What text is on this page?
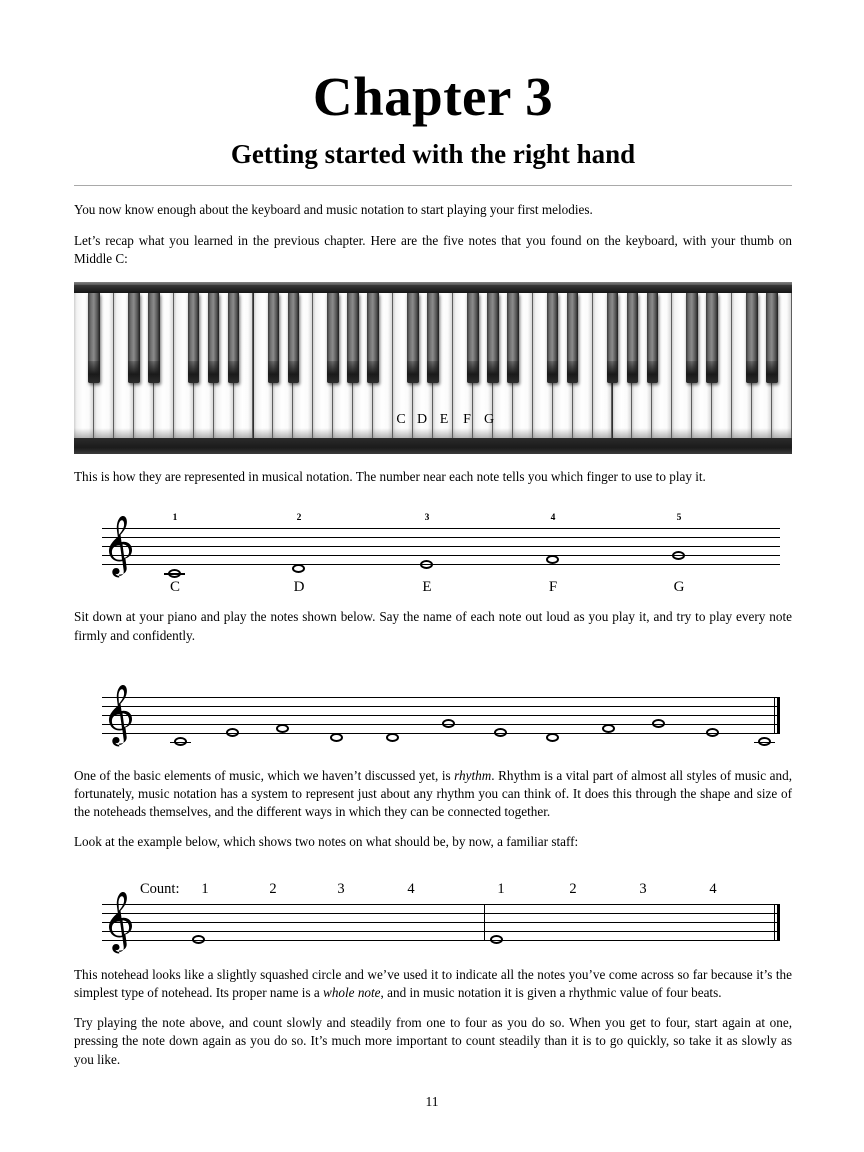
Chapter 3
Getting started with the right hand

You now know enough about the keyboard and music notation to start playing your first melodies.

Let’s recap what you learned in the previous chapter. Here are the five notes that you found on the keyboard, with your thumb on Middle C:

C D E	F G

This is how they are represented in musical notation. The number near each note tells you which finger to use to play it.

1
C
2
D
3
E
4
F
5
G

Sit down at your piano and play the notes shown below. Say the name of each note out loud as you play it, and try to play every note firmly and confidently.

One of the basic elements of music, which we haven’t discussed yet, is rhythm. Rhythm is a vital part of almost all styles of music and, fortunately, music notation has a system to represent just about any rhythm you can think of. It does this through the shape and size of the noteheads themselves, and the different ways in which they can be connected together.

Look at the example below, which shows two notes on what should be, by now, a familiar staff:

Count: 1	2	3	4	1	2	3	4

This notehead looks like a slightly squashed circle and we’ve used it to indicate all the notes you’ve come across so far because it’s the simplest type of notehead. Its proper name is a whole note, and in music notation it is given a rhythmic value of four beats.

Try playing the note above, and count slowly and steadily from one to four as you do so. When you get to four, start again at one, pressing the note down again as you do so. It’s much more important to count steadily than it is to go quickly, so take it as slowly as you like.

11
